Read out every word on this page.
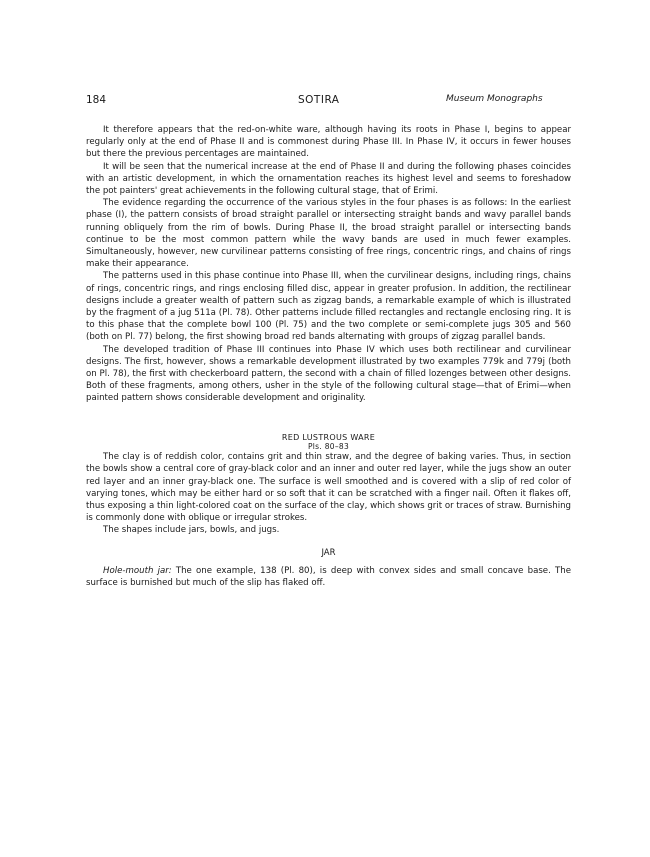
184	SOTIRA	Museum Monographs

It therefore appears that the red-on-white ware, although having its roots in Phase I, begins to appear regularly only at the end of Phase II and is commonest during Phase III. In Phase IV, it occurs in fewer houses but there the previous percentages are maintained.

It will be seen that the numerical increase at the end of Phase II and during the following phases coincides with an artistic development, in which the ornamentation reaches its highest level and seems to foreshadow the pot painters' great achievements in the following cultural stage, that of Erimi.

The evidence regarding the occurrence of the various styles in the four phases is as follows: In the earliest phase (I), the pattern consists of broad straight parallel or intersecting straight bands and wavy parallel bands running obliquely from the rim of bowls. During Phase II, the broad straight parallel or intersecting bands continue to be the most common pattern while the wavy bands are used in much fewer examples. Simultaneously, however, new curvilinear patterns consisting of free rings, concentric rings, and chains of rings make their appearance.

The patterns used in this phase continue into Phase III, when the curvilinear designs, including rings, chains of rings, concentric rings, and rings enclosing filled disc, appear in greater profusion. In addition, the rectilinear designs include a greater wealth of pattern such as zigzag bands, a remarkable example of which is illustrated by the fragment of a jug 511a (Pl. 78). Other patterns include filled rectangles and rectangle enclosing ring. It is to this phase that the complete bowl 100 (Pl. 75) and the two complete or semi-complete jugs 305 and 560 (both on Pl. 77) belong, the first showing broad red bands alternating with groups of zigzag parallel bands.

The developed tradition of Phase III continues into Phase IV which uses both rectilinear and curvilinear designs. The first, however, shows a remarkable development illustrated by two examples 779k and 779j (both on Pl. 78), the first with checkerboard pattern, the second with a chain of filled lozenges between other designs. Both of these fragments, among others, usher in the style of the following cultural stage—that of Erimi—when painted pattern shows considerable development and originality.

RED LUSTROUS WARE

Pls. 80–83

The clay is of reddish color, contains grit and thin straw, and the degree of baking varies. Thus, in section the bowls show a central core of gray-black color and an inner and outer red layer, while the jugs show an outer red layer and an inner gray-black one. The surface is well smoothed and is covered with a slip of red color of varying tones, which may be either hard or so soft that it can be scratched with a finger nail. Often it flakes off, thus exposing a thin light-colored coat on the surface of the clay, which shows grit or traces of straw. Burnishing is commonly done with oblique or irregular strokes.

The shapes include jars, bowls, and jugs.

JAR

Hole-mouth jar: The one example, 138 (Pl. 80), is deep with convex sides and small concave base. The surface is burnished but much of the slip has flaked off.
